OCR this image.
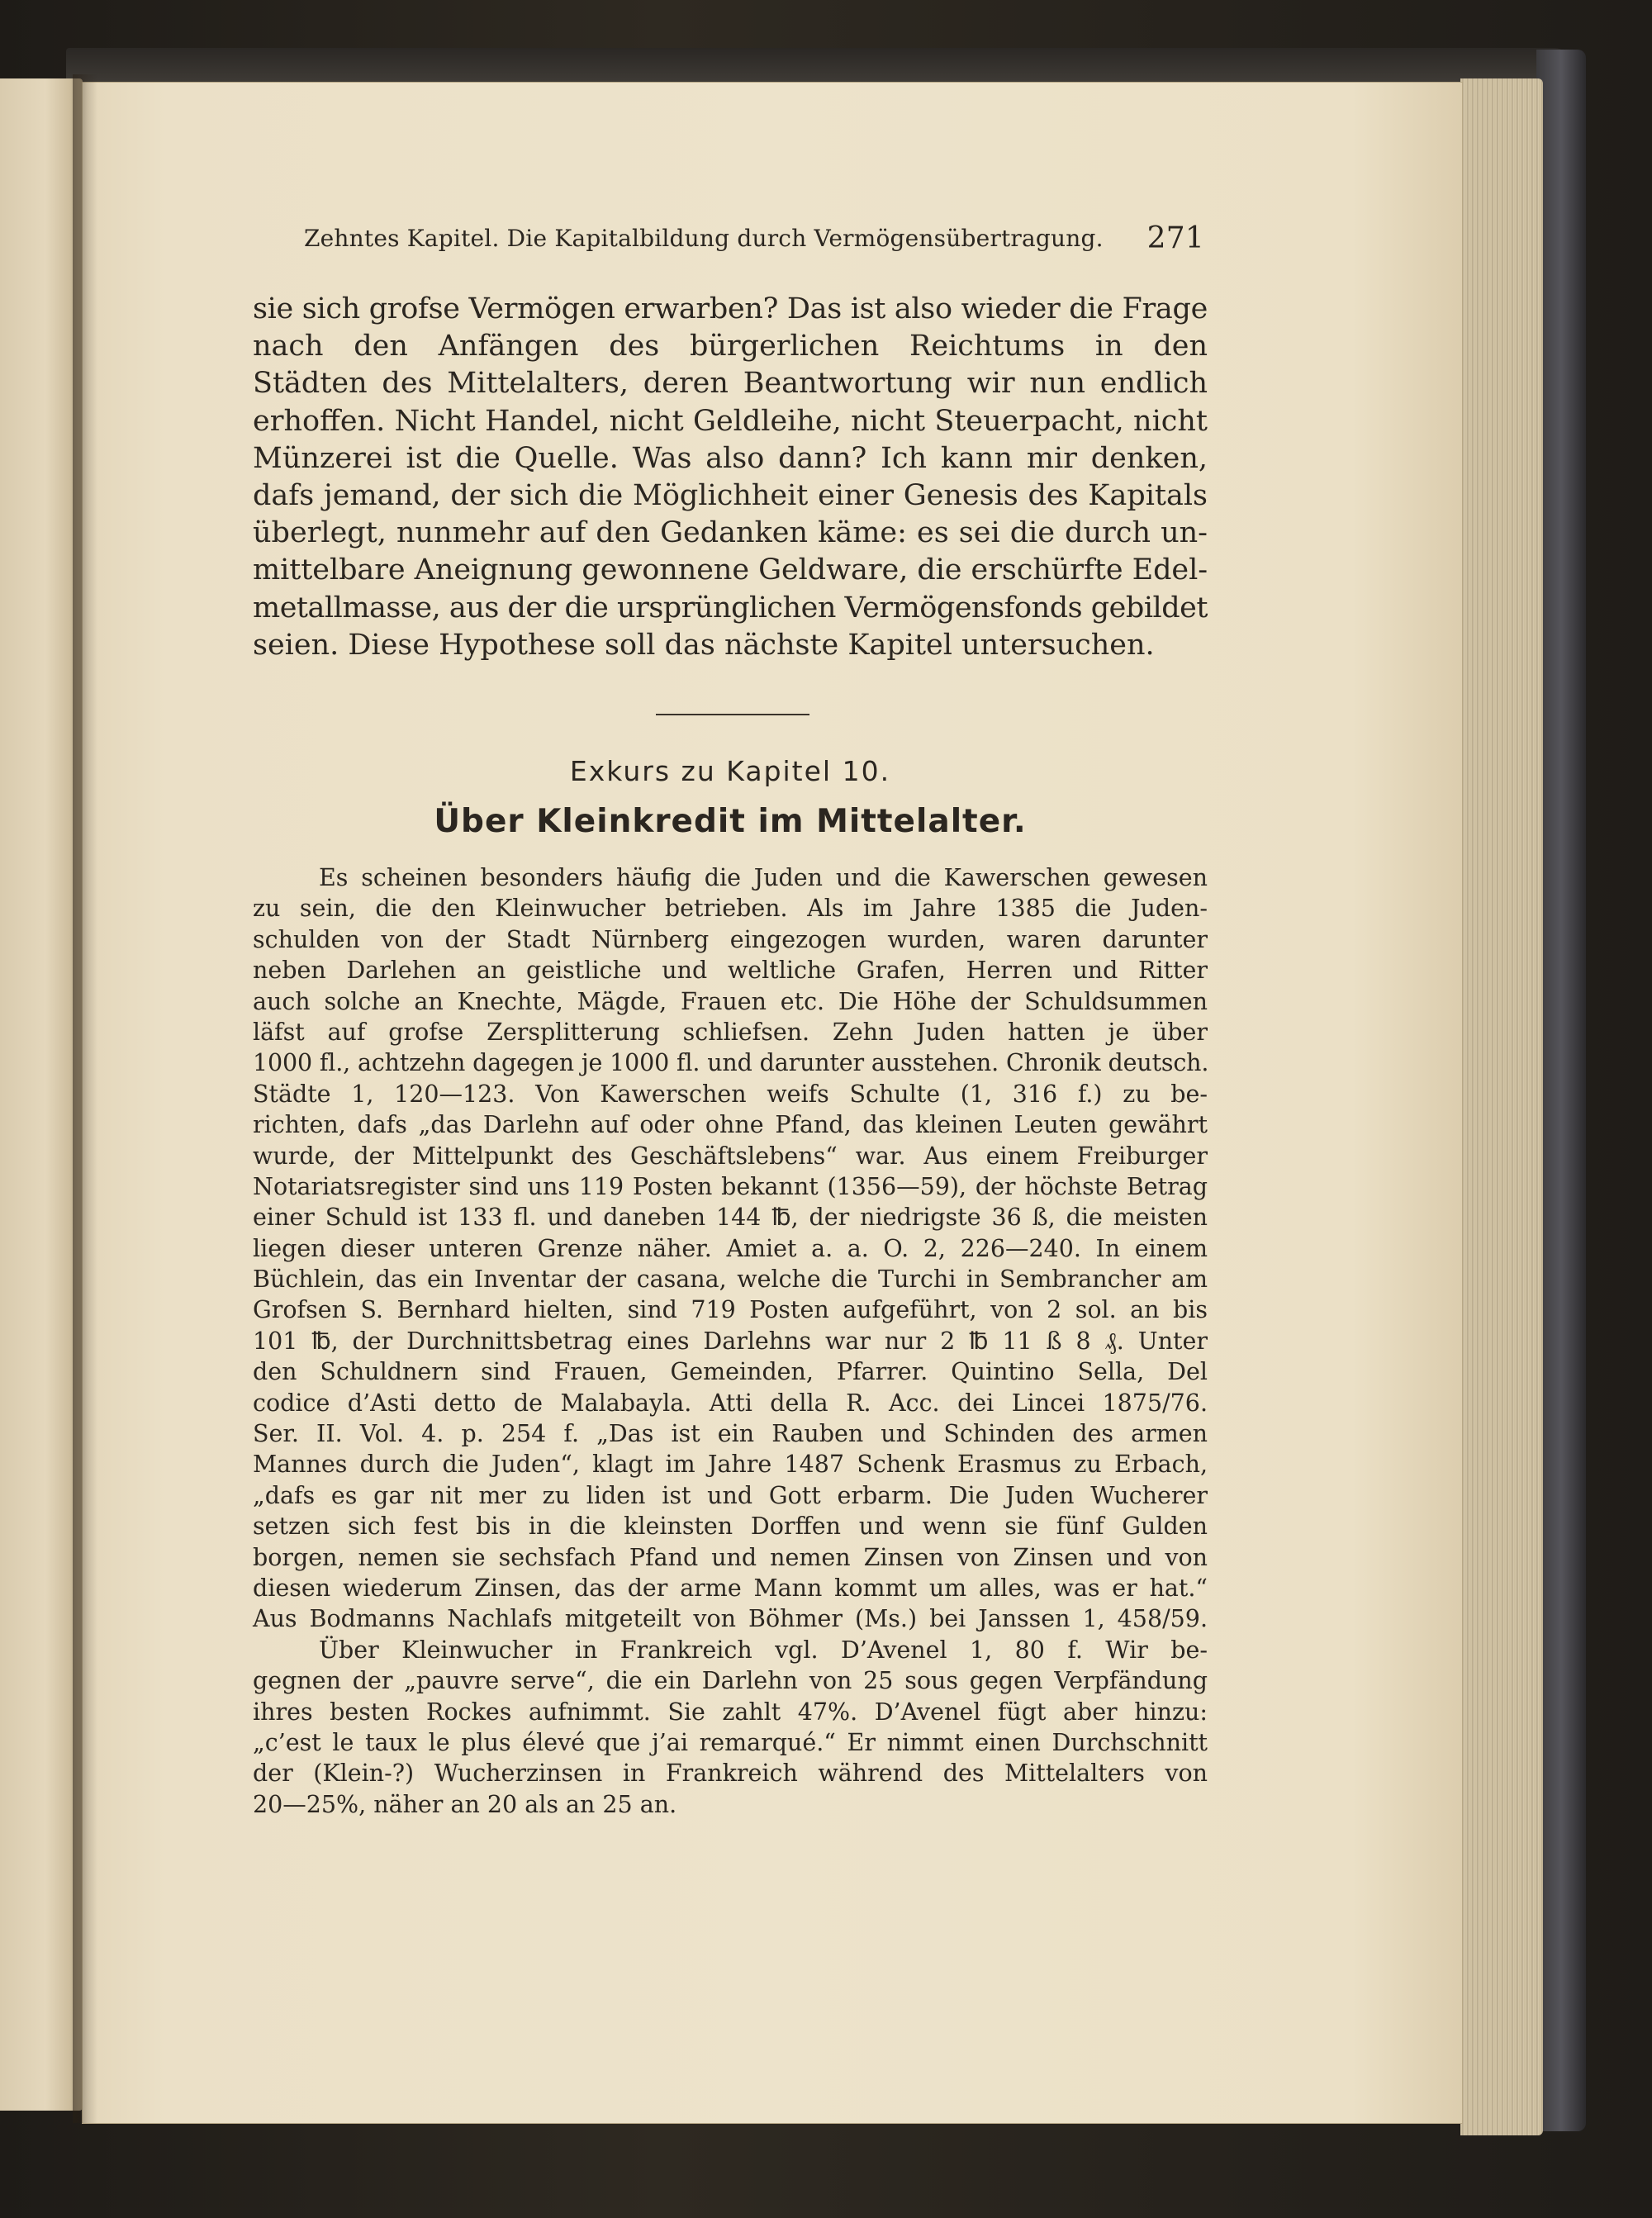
Zehntes Kapitel. Die Kapitalbildung durch Vermögensübertragung. 271
sie sich grofse Vermögen erwarben? Das ist also wieder die Frage
nach den Anfängen des bürgerlichen Reichtums in den
Städten des Mittelalters, deren Beantwortung wir nun endlich
erhoffen. Nicht Handel, nicht Geldleihe, nicht Steuerpacht, nicht
Münzerei ist die Quelle. Was also dann? Ich kann mir denken,
dafs jemand, der sich die Möglichheit einer Genesis des Kapitals
überlegt, nunmehr auf den Gedanken käme: es sei die durch un-
mittelbare Aneignung gewonnene Geldware, die erschürfte Edel-
metallmasse, aus der die ursprünglichen Vermögensfonds gebildet
seien. Diese Hypothese soll das nächste Kapitel untersuchen.
Exkurs zu Kapitel 10.
Über Kleinkredit im Mittelalter.
Es scheinen besonders häufig die Juden und die Kawerschen gewesen
zu sein, die den Kleinwucher betrieben. Als im Jahre 1385 die Juden-
schulden von der Stadt Nürnberg eingezogen wurden, waren darunter
neben Darlehen an geistliche und weltliche Grafen, Herren und Ritter
auch solche an Knechte, Mägde, Frauen etc. Die Höhe der Schuldsummen
läfst auf grofse Zersplitterung schliefsen. Zehn Juden hatten je über
1000 fl., achtzehn dagegen je 1000 fl. und darunter ausstehen. Chronik deutsch.
Städte 1, 120—123. Von Kawerschen weifs Schulte (1, 316 f.) zu be-
richten, dafs „das Darlehn auf oder ohne Pfand, das kleinen Leuten gewährt
wurde, der Mittelpunkt des Geschäftslebens“ war. Aus einem Freiburger
Notariatsregister sind uns 119 Posten bekannt (1356—59), der höchste Betrag
einer Schuld ist 133 fl. und daneben 144 ℔, der niedrigste 36 ß, die meisten
liegen dieser unteren Grenze näher. Amiet a. a. O. 2, 226—240. In einem
Büchlein, das ein Inventar der casana, welche die Turchi in Sembrancher am
Grofsen S. Bernhard hielten, sind 719 Posten aufgeführt, von 2 sol. an bis
101 ℔, der Durchnittsbetrag eines Darlehns war nur 2 ℔ 11 ß 8 ₰. Unter
den Schuldnern sind Frauen, Gemeinden, Pfarrer. Quintino Sella, Del
codice d’Asti detto de Malabayla. Atti della R. Acc. dei Lincei 1875/76.
Ser. II. Vol. 4. p. 254 f. „Das ist ein Rauben und Schinden des armen
Mannes durch die Juden“, klagt im Jahre 1487 Schenk Erasmus zu Erbach,
„dafs es gar nit mer zu liden ist und Gott erbarm. Die Juden Wucherer
setzen sich fest bis in die kleinsten Dorffen und wenn sie fünf Gulden
borgen, nemen sie sechsfach Pfand und nemen Zinsen von Zinsen und von
diesen wiederum Zinsen, das der arme Mann kommt um alles, was er hat.“
Aus Bodmanns Nachlafs mitgeteilt von Böhmer (Ms.) bei Janssen 1, 458/59.
Über Kleinwucher in Frankreich vgl. D’Avenel 1, 80 f. Wir be-
gegnen der „pauvre serve“, die ein Darlehn von 25 sous gegen Verpfändung
ihres besten Rockes aufnimmt. Sie zahlt 47%. D’Avenel fügt aber hinzu:
„c’est le taux le plus élevé que j’ai remarqué.“ Er nimmt einen Durchschnitt
der (Klein-?) Wucherzinsen in Frankreich während des Mittelalters von
20—25%, näher an 20 als an 25 an.
